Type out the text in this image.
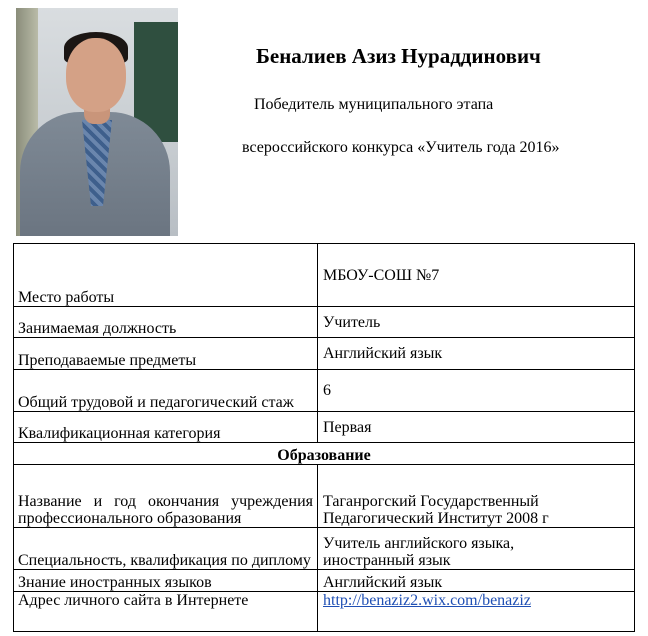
Беналиев Азиз Нураддинович
Победитель муниципального этапа
всероссийского конкурса «Учитель года 2016»
Место работы	МБОУ-СОШ №7
Занимаемая должность	Учитель
Преподаваемые предметы	Английский язык
Общий трудовой и педагогический стаж	6
Квалификационная категория	Первая
Образование	
Название и год окончания учреждения профессионального образования	Таганрогский Государственный
Педагогический Институт 2008 г

Специальность, квалификация по диплому	Учитель английского языка,
иностранный язык

Знание иностранных языков	Английский язык
Адрес личного сайта в Интернете	http://benaziz2.wix.com/benaziz
